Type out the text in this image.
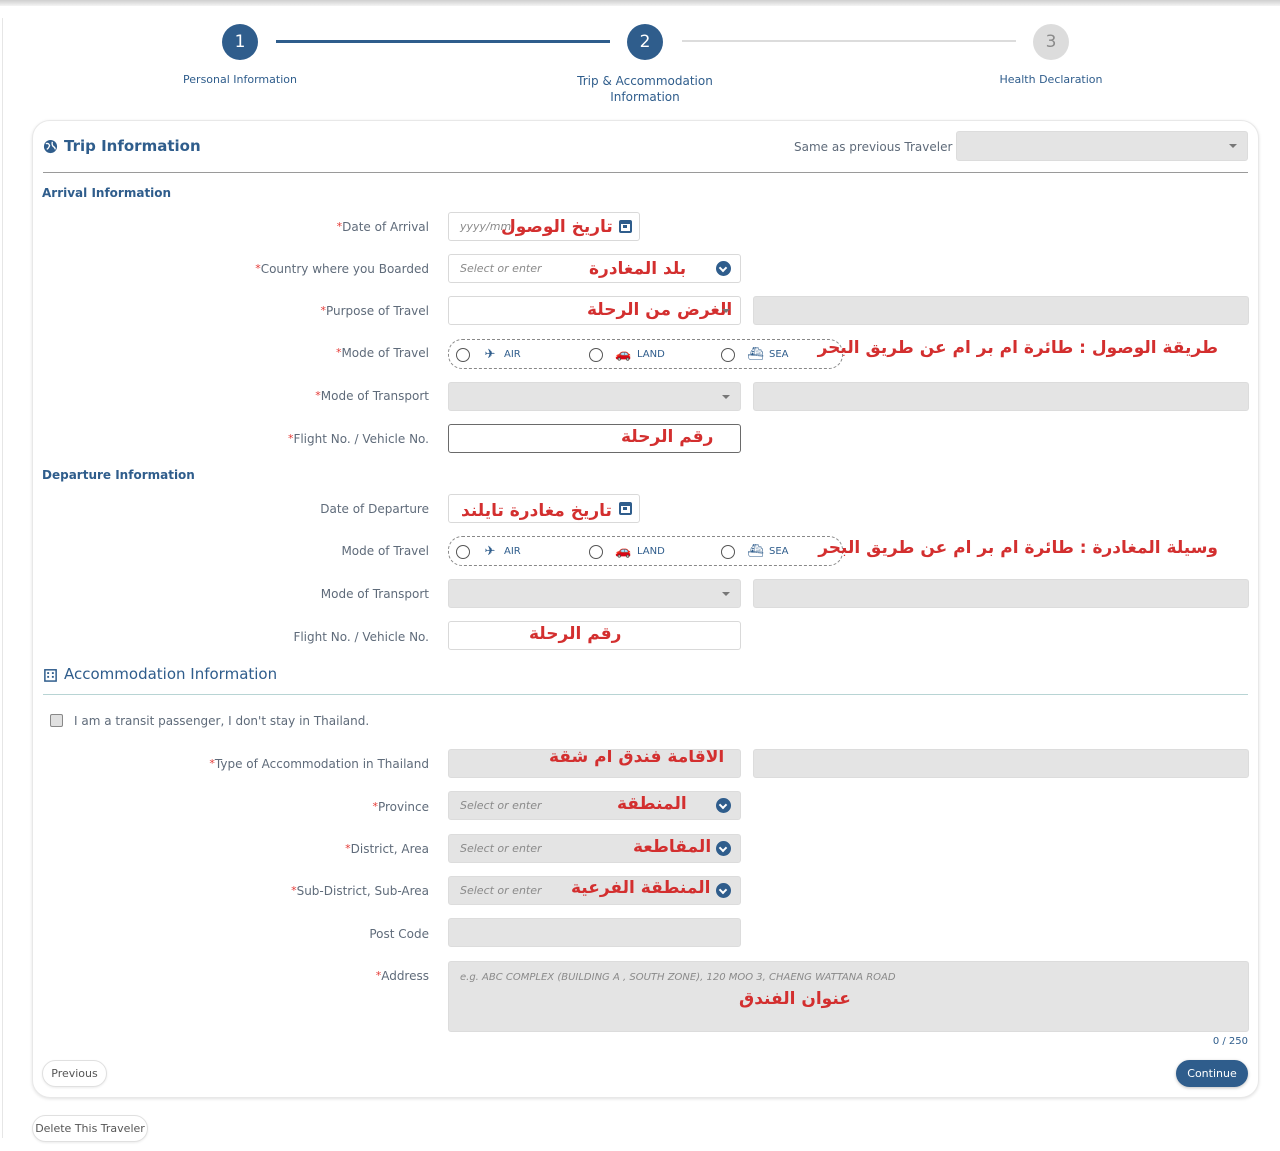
1
Personal Information
2
Trip & Accommodation
Information
3
Health Declaration
Trip Information	Same as previous Traveler
Arrival Information
*Date of Arrival	yyyy/mm
تاريخ الوصول
*Country where you Boarded	Select or enter	بلد المغادرة
*Purpose of Travel	الغرض من الرحلة
*Mode of Travel	✈ AIR	🚗 LAND	⛴ SEA طريقة الوصول : طائرة ام بر ام عن طريق البحر
*Mode of Transport
*Flight No. / Vehicle No.	رقم الرحلة
Departure Information
Date of Departure تاريخ مغادرة تايلند
Mode of Travel	✈ AIR	🚗 LAND	⛴ SEA وسيلة المغادرة : طائرة ام بر ام عن طريق البحر
Mode of Transport
Flight No. / Vehicle No.	رقم الرحلة
Accommodation Information
I am a transit passenger, I don't stay in Thailand.
*Type of Accommodation in Thailand	الاقامة فندق ام شقة
*Province	Select or enter	المنطقة
*District, Area	Select or enter	المقاطعة
*Sub-District, Sub-Area	Select or enter المنطقة الفرعية
Post Code
*Address	e.g. ABC COMPLEX (BUILDING A , SOUTH ZONE), 120 MOO 3, CHAENG WATTANA ROAD
عنوان الفندق
0 / 250
Previous	Continue
Delete This Traveler
